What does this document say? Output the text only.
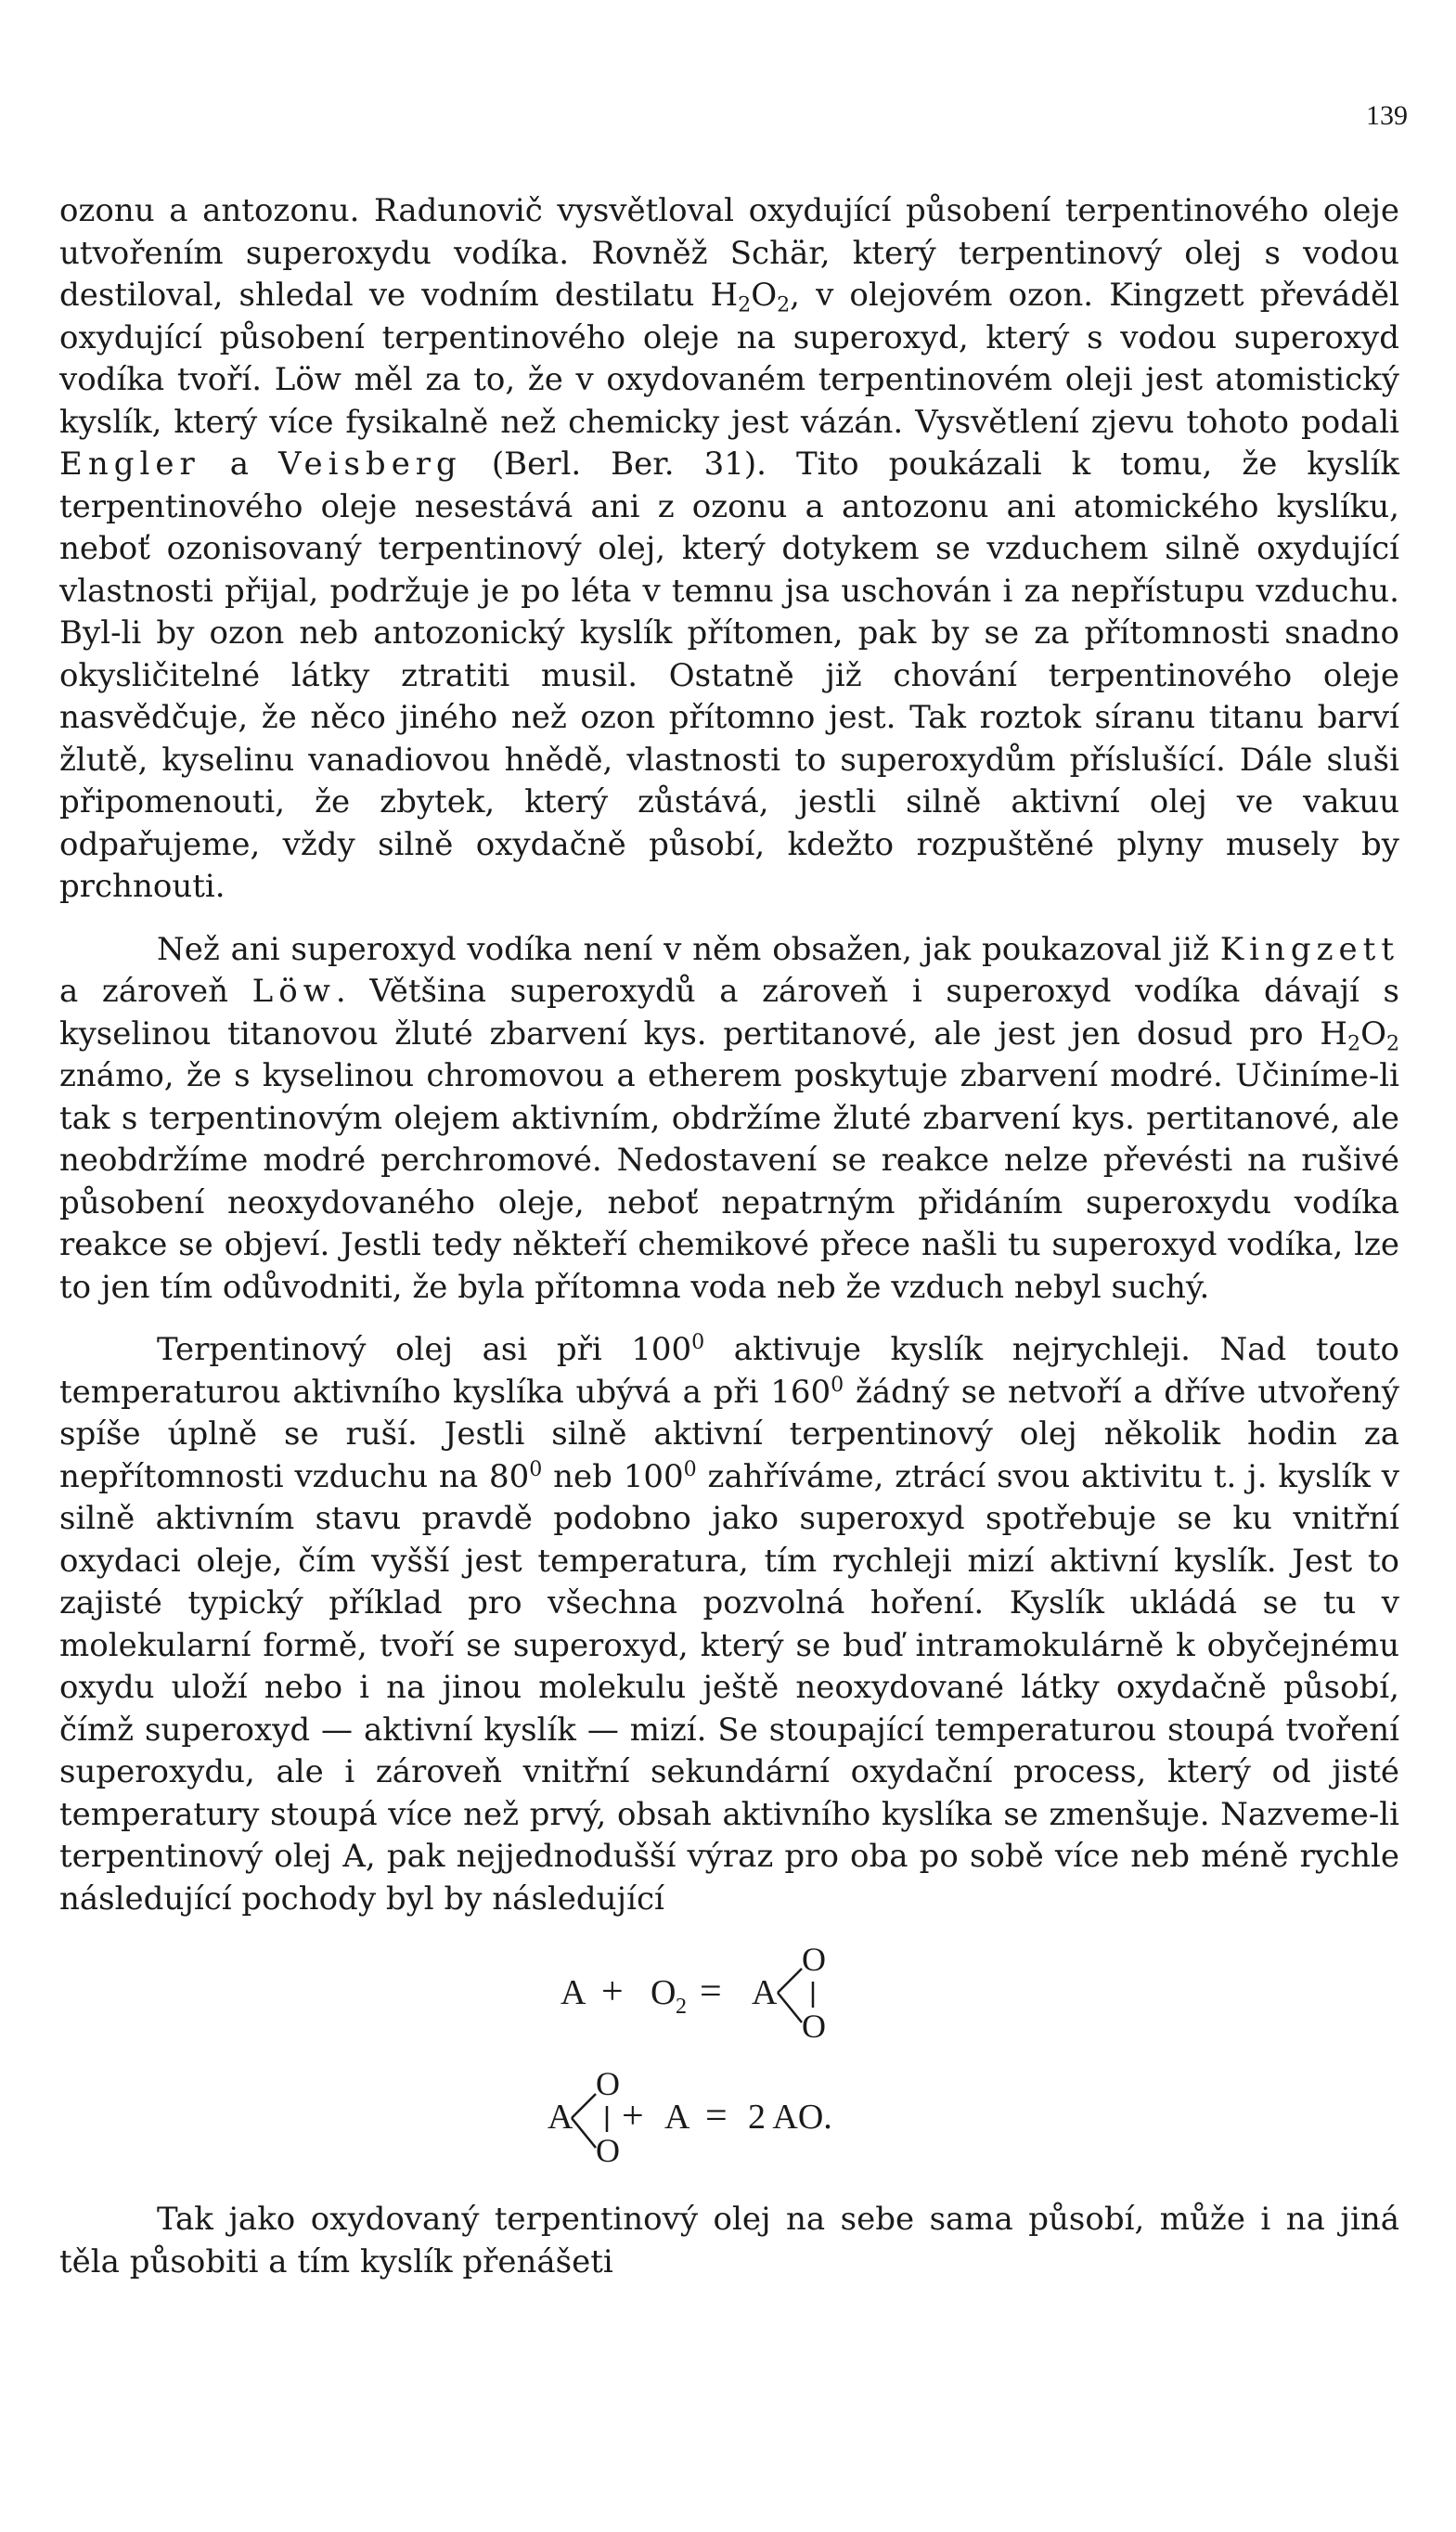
139

ozonu a antozonu. Radunovič vysvětloval oxydující působení terpentinového oleje utvořením superoxydu vodíka. Rovněž Schär, který terpentinový olej s vodou destiloval, shledal ve vodním destilatu $H_2O_2$, v olejovém ozon. Kingzett převáděl oxydující působení terpentinového oleje na superoxyd, který s vodou superoxyd vodíka tvoří. Löw měl za to, že v oxydovaném terpentinovém oleji jest atomistický kyslík, který více fysikalně než chemicky jest vázán. Vysvětlení zjevu tohoto podali Engler a Veisberg (Berl. Ber. 31). Tito poukázali k tomu, že kyslík terpentinového oleje nesestává ani z ozonu a antozonu ani atomického kyslíku, neboť ozonisovaný terpentinový olej, který dotykem se vzduchem silně oxydující vlastnosti přijal, podržuje je po léta v temnu jsa uschován i za nepřístupu vzduchu. Byl-li by ozon neb antozonický kyslík přítomen, pak by se za přítomnosti snadno okysličitelné látky ztratiti musil. Ostatně již chování terpentinového oleje nasvědčuje, že něco jiného než ozon přítomno jest. Tak roztok síranu titanu barví žlutě, kyselinu vanadiovou hnědě, vlastnosti to superoxydům příslušící. Dále sluši připomenouti, že zbytek, který zůstává, jestli silně aktivní olej ve vakuu odpařujeme, vždy silně oxydačně působí, kdežto rozpuštěné plyny musely by prchnouti.

Než ani superoxyd vodíka není v něm obsažen, jak poukazoval již Kingzett a zároveň Löw. Většina superoxydů a zároveň i superoxyd vodíka dávají s kyselinou titanovou žluté zbarvení kys. pertitanové, ale jest jen dosud pro $H_2O_2$ známo, že s kyselinou chromovou a etherem poskytuje zbarvení modré. Učiníme-li tak s terpentinovým olejem aktivním, obdržíme žluté zbarvení kys. pertitanové, ale neobdržíme modré perchromové. Nedostavení se reakce nelze převésti na rušivé působení neoxydovaného oleje, neboť nepatrným přidáním superoxydu vodíka reakce se objeví. Jestli tedy někteří chemikové přece našli tu superoxyd vodíka, lze to jen tím odůvodniti, že byla přítomna voda neb že vzduch nebyl suchý.

Terpentinový olej asi při $100^0$ aktivuje kyslík nejrychleji. Nad touto temperaturou aktivního kyslíka ubývá a při $160^0$ žádný se netvoří a dříve utvořený spíše úplně se ruší. Jestli silně aktivní terpentinový olej několik hodin za nepřítomnosti vzduchu na $80^0$ neb $100^0$ zahříváme, ztrácí svou aktivitu t. j. kyslík v silně aktivním stavu pravdě podobno jako superoxyd spotřebuje se ku vnitřní oxydaci oleje, čím vyšší jest temperatura, tím rychleji mizí aktivní kyslík. Jest to zajisté typický příklad pro všechna pozvolná hoření. Kyslík ukládá se tu v molekularní formě, tvoří se superoxyd, který se buď intramokulárně k obyčejnému oxydu uloží nebo i na jinou molekulu ještě neoxydované látky oxydačně působí, čímž superoxyd — aktivní kyslík — mizí. Se stoupající temperaturou stoupá tvoření superoxydu, ale i zároveň vnitřní sekundární oxydační process, který od jisté temperatury stoupá více než prvý, obsah aktivního kyslíka se zmenšuje. Nazveme-li terpentinový olej A, pak nejjednodušší výraz pro oba po sobě více neb méně rychle následující pochody byl by následující

A + O 2 = A
O
O
A
O
O
+ A = 2 AO.

Tak jako oxydovaný terpentinový olej na sebe sama působí, může i na jiná těla působiti a tím kyslík přenášeti
